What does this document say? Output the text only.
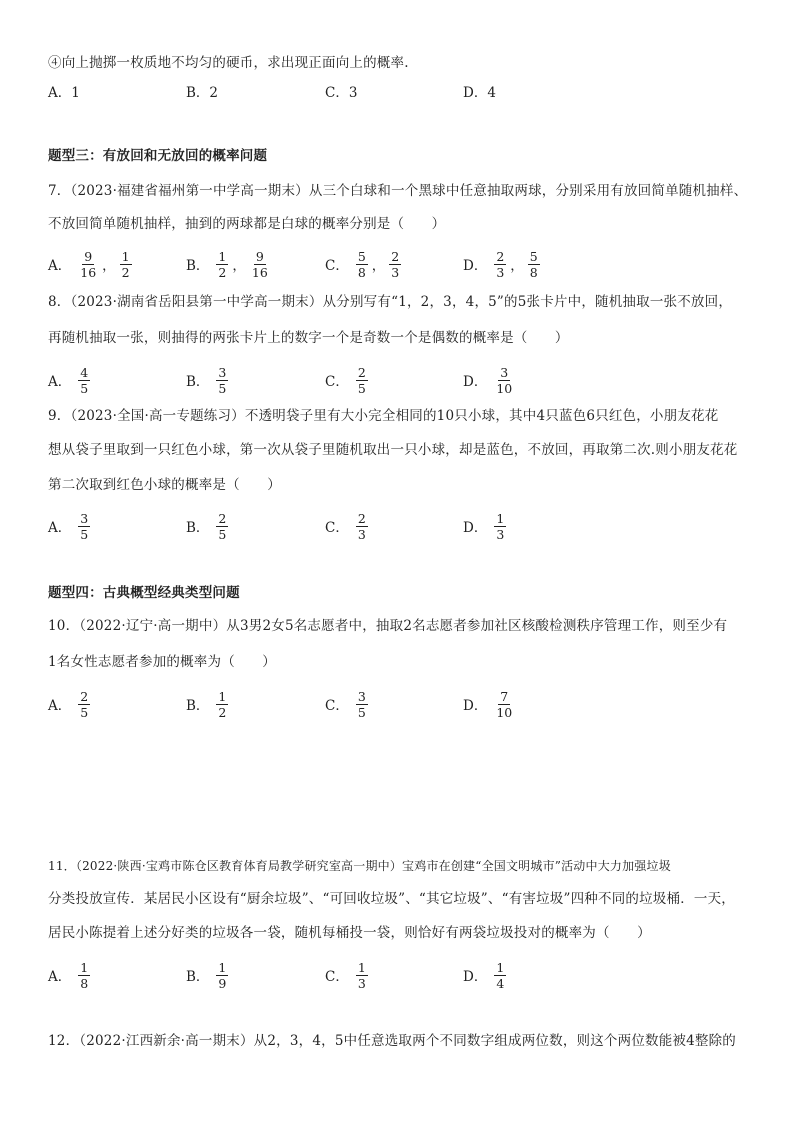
④向上抛掷一枚质地不均匀的硬币，求出现正面向上的概率.
A．1	B．2	C．3	D．4
题型三：有放回和无放回的概率问题
7．（2023·福建省福州第一中学高一期末）从三个白球和一个黑球中任意抽取两球，分别采用有放回简单随机抽样、
不放回简单随机抽样，抽到的两球都是白球的概率分别是（　　）
A． $\frac{9}{16}$ ， $\frac{1}{2}$	B． $\frac{1}{2}$ ， $\frac{9}{16}$	C． $\frac{5}{8}$ ， $\frac{2}{3}$	D． $\frac{2}{3}$ ， $\frac{5}{8}$
8．（2023·湖南省岳阳县第一中学高一期末）从分别写有“1，2，3，4，5”的5张卡片中，随机抽取一张不放回，
再随机抽取一张，则抽得的两张卡片上的数字一个是奇数一个是偶数的概率是（　　）
A． $\frac{4}{5}$	B． $\frac{3}{5}$	C． $\frac{2}{5}$	D． $\frac{3}{10}$
9．（2023·全国·高一专题练习）不透明袋子里有大小完全相同的10只小球，其中4只蓝色6只红色，小朋友花花
想从袋子里取到一只红色小球，第一次从袋子里随机取出一只小球，却是蓝色，不放回，再取第二次.则小朋友花花
第二次取到红色小球的概率是（　　）
A． $\frac{3}{5}$	B． $\frac{2}{5}$	C． $\frac{2}{3}$	D． $\frac{1}{3}$
题型四：古典概型经典类型问题
10．（2022·辽宁·高一期中）从3男2女5名志愿者中，抽取2名志愿者参加社区核酸检测秩序管理工作，则至少有
1名女性志愿者参加的概率为（　　）
A． $\frac{2}{5}$	B． $\frac{1}{2}$	C． $\frac{3}{5}$	D． $\frac{7}{10}$
11．（2022·陕西·宝鸡市陈仓区教育体育局教学研究室高一期中）宝鸡市在创建“全国文明城市”活动中大力加强垃圾
分类投放宣传．某居民小区设有“厨余垃圾”、“可回收垃圾”、“其它垃圾”、“有害垃圾”四种不同的垃圾桶．一天，
居民小陈提着上述分好类的垃圾各一袋，随机每桶投一袋，则恰好有两袋垃圾投对的概率为（　　）
A． $\frac{1}{8}$	B． $\frac{1}{9}$	C． $\frac{1}{3}$	D． $\frac{1}{4}$
12．（2022·江西新余·高一期末）从2，3，4，5中任意选取两个不同数字组成两位数，则这个两位数能被4整除的
